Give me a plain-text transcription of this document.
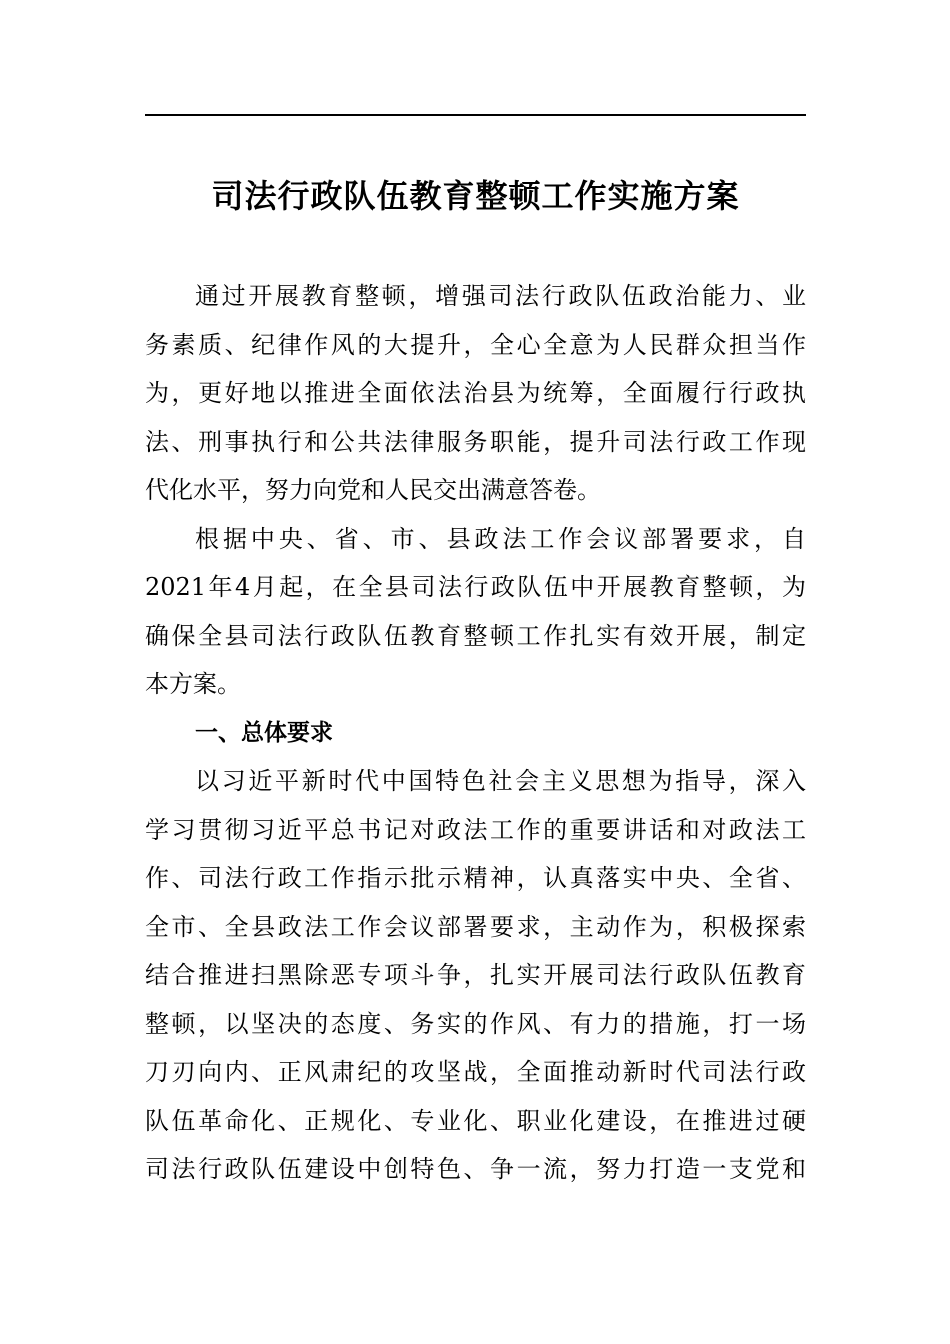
司法行政队伍教育整顿工作实施方案
通过开展教育整顿，增强司法行政队伍政治能力、业
务素质、纪律作风的大提升，全心全意为人民群众担当作
为，更好地以推进全面依法治县为统筹，全面履行行政执
法、刑事执行和公共法律服务职能，提升司法行政工作现
代化水平，努力向党和人民交出满意答卷。
根据中央、省、市、县政法工作会议部署要求，自
2021年4月起，在全县司法行政队伍中开展教育整顿，为
确保全县司法行政队伍教育整顿工作扎实有效开展，制定
本方案。
一、总体要求
以习近平新时代中国特色社会主义思想为指导，深入
学习贯彻习近平总书记对政法工作的重要讲话和对政法工
作、司法行政工作指示批示精神，认真落实中央、全省、
全市、全县政法工作会议部署要求，主动作为，积极探索
结合推进扫黑除恶专项斗争，扎实开展司法行政队伍教育
整顿，以坚决的态度、务实的作风、有力的措施，打一场
刀刃向内、正风肃纪的攻坚战，全面推动新时代司法行政
队伍革命化、正规化、专业化、职业化建设，在推进过硬
司法行政队伍建设中创特色、争一流，努力打造一支党和
